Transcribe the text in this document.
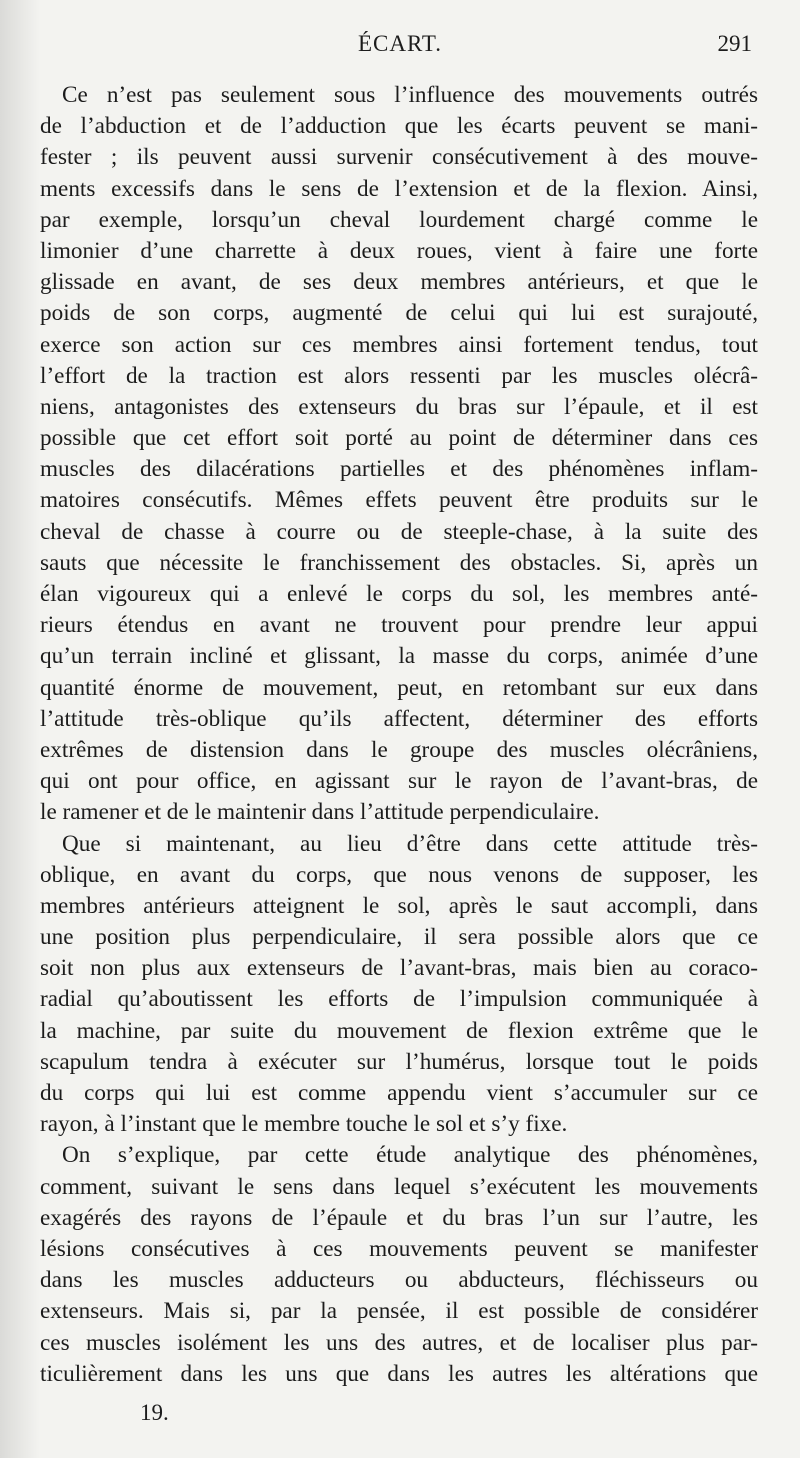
ÉCART.	291
Ce n’est pas seulement sous l’influence des mouvements outrés
de l’abduction et de l’adduction que les écarts peuvent se mani-
fester ; ils peuvent aussi survenir consécutivement à des mouve-
ments excessifs dans le sens de l’extension et de la flexion. Ainsi,
par exemple, lorsqu’un cheval lourdement chargé comme le
limonier d’une charrette à deux roues, vient à faire une forte
glissade en avant, de ses deux membres antérieurs, et que le
poids de son corps, augmenté de celui qui lui est surajouté,
exerce son action sur ces membres ainsi fortement tendus, tout
l’effort de la traction est alors ressenti par les muscles olécrâ-
niens, antagonistes des extenseurs du bras sur l’épaule, et il est
possible que cet effort soit porté au point de déterminer dans ces
muscles des dilacérations partielles et des phénomènes inflam-
matoires consécutifs. Mêmes effets peuvent être produits sur le
cheval de chasse à courre ou de steeple-chase, à la suite des
sauts que nécessite le franchissement des obstacles. Si, après un
élan vigoureux qui a enlevé le corps du sol, les membres anté-
rieurs étendus en avant ne trouvent pour prendre leur appui
qu’un terrain incliné et glissant, la masse du corps, animée d’une
quantité énorme de mouvement, peut, en retombant sur eux dans
l’attitude très-oblique qu’ils affectent, déterminer des efforts
extrêmes de distension dans le groupe des muscles olécrâniens,
qui ont pour office, en agissant sur le rayon de l’avant-bras, de
le ramener et de le maintenir dans l’attitude perpendiculaire.
Que si maintenant, au lieu d’être dans cette attitude très-
oblique, en avant du corps, que nous venons de supposer, les
membres antérieurs atteignent le sol, après le saut accompli, dans
une position plus perpendiculaire, il sera possible alors que ce
soit non plus aux extenseurs de l’avant-bras, mais bien au coraco-
radial qu’aboutissent les efforts de l’impulsion communiquée à
la machine, par suite du mouvement de flexion extrême que le
scapulum tendra à exécuter sur l’humérus, lorsque tout le poids
du corps qui lui est comme appendu vient s’accumuler sur ce
rayon, à l’instant que le membre touche le sol et s’y fixe.
On s’explique, par cette étude analytique des phénomènes,
comment, suivant le sens dans lequel s’exécutent les mouvements
exagérés des rayons de l’épaule et du bras l’un sur l’autre, les
lésions consécutives à ces mouvements peuvent se manifester
dans les muscles adducteurs ou abducteurs, fléchisseurs ou
extenseurs. Mais si, par la pensée, il est possible de considérer
ces muscles isolément les uns des autres, et de localiser plus par-
ticulièrement dans les uns que dans les autres les altérations que
19.
